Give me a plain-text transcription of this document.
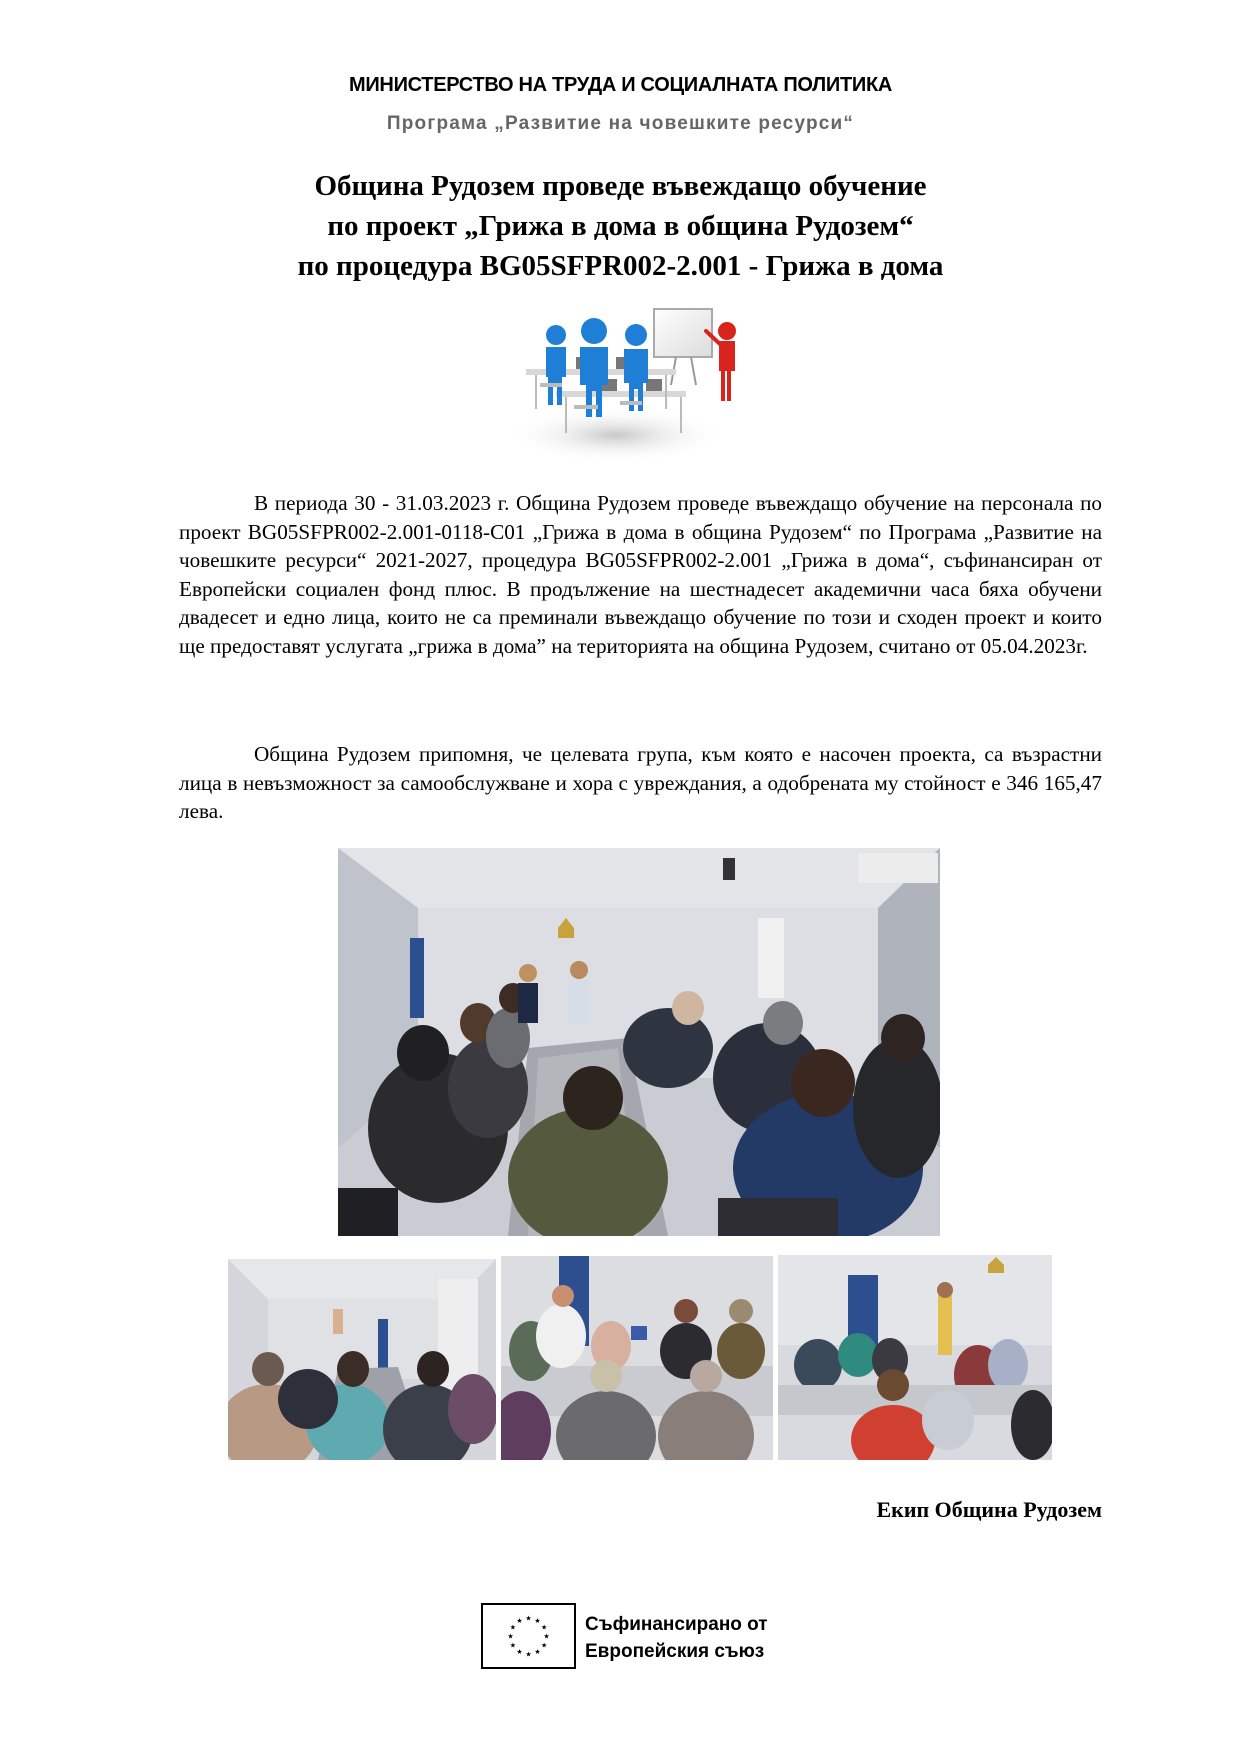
МИНИСТЕРСТВО НА ТРУДА И СОЦИАЛНАТА ПОЛИТИКА
Програма „Развитие на човешките ресурси“
Община Рудозем проведе въвеждащо обучение
по проект „Грижа в дома в община Рудозем“
по процедура BG05SFPR002-2.001 - Грижа в дома

В периода 30 - 31.03.2023 г. Община Рудозем проведе въвеждащо обучение на персонала по проект BG05SFPR002-2.001-0118-C01 „Грижа в дома в община Рудозем“ по Програма „Развитие на човешките ресурси“ 2021-2027, процедура BG05SFPR002-2.001 „Грижа в дома“, съфинансиран от Европейски социален фонд плюс. В продължение на шестнадесет академични часа бяха обучени двадесет и едно лица, които не са преминали въвеждащо обучение по този и сходен проект и които ще предоставят услугата „грижа в дома” на територията на община Рудозем, считано от 05.04.2023г.

Община Рудозем припомня, че целевата група, към която е насочен проекта, са възрастни лица в невъзможност за самообслужване и хора с увреждания, а одобрената му стойност е 346 165,47 лева.

Екип Община Рудозем
★ ★
★
★
★
★
★
★
★
★
★
★	Съфинансирано от
Европейския съюз
